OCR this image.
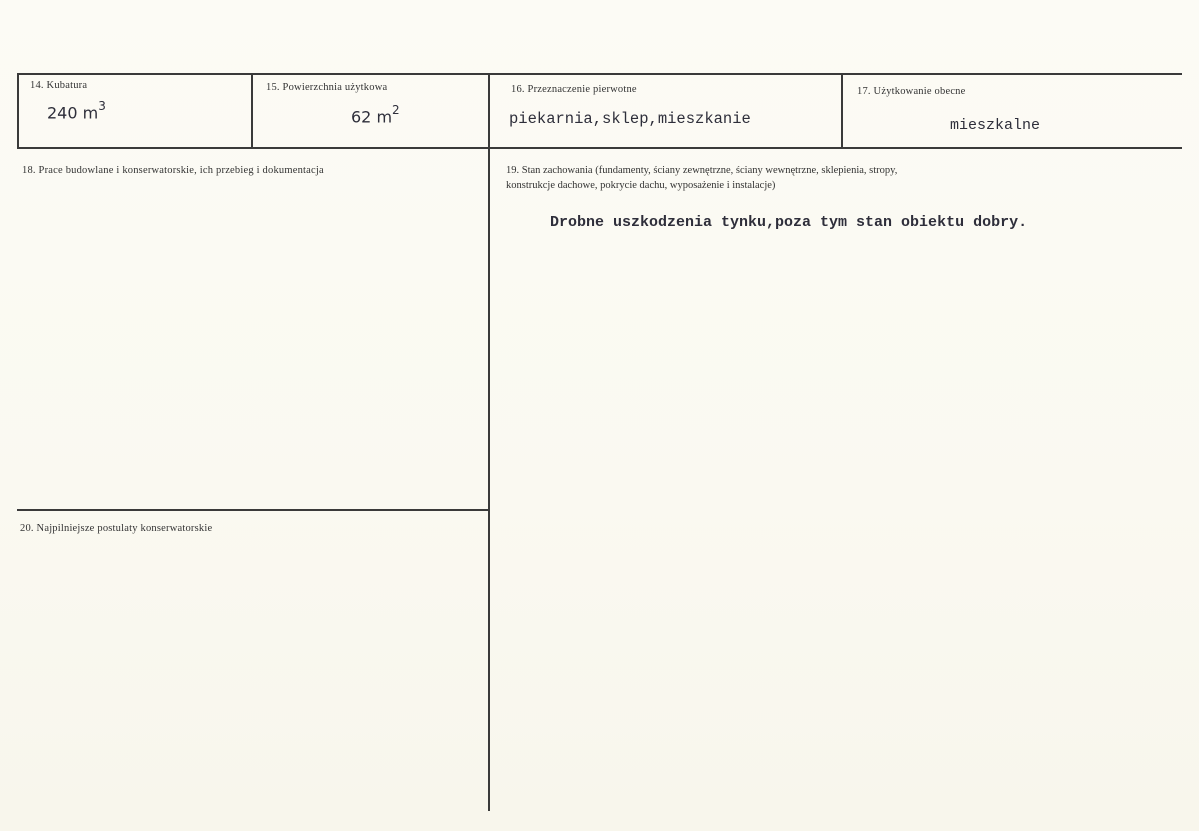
14. Kubatura
240 $m^3$
15. Powierzchnia użytkowa
62 $m^2$
16. Przeznaczenie pierwotne
piekarnia,sklep,mieszkanie
17. Użytkowanie obecne
mieszkalne
18. Prace budowlane i konserwatorskie, ich przebieg i dokumentacja	19. Stan zachowania (fundamenty, ściany zewnętrzne, ściany wewnętrzne, sklepienia, stropy,
konstrukcje dachowe, pokrycie dachu, wyposażenie i instalacje)
Drobne uszkodzenia tynku,poza tym stan obiektu dobry.
20. Najpilniejsze postulaty konserwatorskie
